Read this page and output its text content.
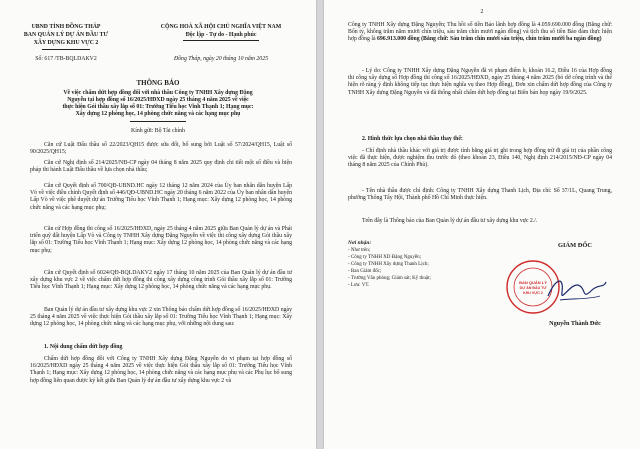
UBND TỈNH ĐỒNG THÁP
BAN QUẢN LÝ DỰ ÁN ĐẦU TƯ
XÂY DỰNG KHU VỰC 2
CỘNG HOÀ XÃ HỘI CHỦ NGHĨA VIỆT NAM
Độc lập - Tự do - Hạnh phúc
Số: 617 /TB-BQLDAKV2	Đồng Tháp, ngày 20 tháng 10 năm 2025
THÔNG BÁO
Về việc chấm dứt hợp đồng đối với nhà thầu Công ty TNHH Xây dựng Đặng
Nguyễn tại hợp đồng số 16/2025/HĐXD ngày 25 tháng 4 năm 2025 về việc
thực hiện Gói thầu xây lắp số 01: Trường Tiểu học Vĩnh Thạnh 1; Hạng mục:
Xây dựng 12 phòng học, 14 phòng chức năng và các hạng mục phụ
Kính gửi: Bộ Tài chính
Căn cứ Luật Đấu thầu số 22/2023/QH15 được sửa đổi, bổ sung bởi Luật số 57/2024/QH15, Luật số 90/2025/QH15;
Căn cứ Nghị định số 214/2025/NĐ-CP ngày 04 tháng 8 năm 2025 quy định chi tiết một số điều và biện pháp thi hành Luật Đấu thầu về lựa chọn nhà thầu;
Căn cứ Quyết định số 700/QĐ-UBND.HC ngày 12 tháng 12 năm 2024 của Ủy ban nhân dân huyện Lấp Vò về việc điều chỉnh Quyết định số 446/QĐ-UBND.HC ngày 20 tháng 6 năm 2022 của Ủy ban nhân dân huyện Lấp Vò về việc phê duyệt dự án Trường Tiểu học Vĩnh Thạnh 1; Hạng mục: Xây dựng 12 phòng học, 14 phòng chức năng và các hạng mục phụ;
Căn cứ Hợp đồng thi công số 16/2025/HĐXD, ngày 25 tháng 4 năm 2025 giữa Ban Quản lý dự án và Phát triển quỹ đất huyện Lấp Vò và Công ty TNHH Xây dựng Đặng Nguyễn về việc thi công xây dựng Gói thầu xây lắp số 01: Trường Tiểu học Vĩnh Thạnh 1; Hạng mục: Xây dựng 12 phòng học, 14 phòng chức năng và các hạng mục phụ;
Căn cứ Quyết định số 6024/QĐ-BQLDAKV2 ngày 17 tháng 10 năm 2025 của Ban Quản lý dự án đầu tư xây dựng khu vực 2 về việc chấm dứt hợp đồng thi công xây dựng công trình Gói thầu xây lắp số 01: Trường Tiểu học Vĩnh Thạnh 1; Hạng mục: Xây dựng 12 phòng học, 14 phòng chức năng và các hạng mục phụ.
Ban Quản lý dự án đầu tư xây dựng khu vực 2 xin Thông báo chấm dứt hợp đồng số 16/2025/HĐXD ngày 25 tháng 4 năm 2025 về việc thực hiện Gói thầu xây lắp số 01: Trường Tiểu học Vĩnh Thạnh 1; Hạng mục: Xây dựng 12 phòng học, 14 phòng chức năng và các hạng mục phụ, với những nội dung sau:
1. Nội dung chấm dứt hợp đồng
Chấm dứt hợp đồng đối với Công ty TNHH Xây dựng Đặng Nguyễn do vi phạm tại hợp đồng số 16/2025/HĐXD ngày 25 tháng 4 năm 2025 về việc thực hiện Gói thầu xây lắp số 01: Trường Tiểu học Vĩnh Thạnh 1; Hạng mục: Xây dựng 12 phòng học, 14 phòng chức năng và các hạng mục phụ và các Phụ lục bổ sung hợp đồng liên quan được ký kết giữa Ban Quản lý dự án đầu tư xây dựng khu vực 2 và
2
Công ty TNHH Xây dựng Đặng Nguyễn; Thu hồi số tiền Bảo lãnh hợp đồng là 4.059.690.000 đồng (Bằng chữ: Bốn tỷ, không trăm năm mươi chín triệu, sáu trăm chín mươi ngàn đồng) và tịch thu số tiền Bảo đảm thực hiện hợp đồng là 696.913.000 đồng (Bằng chữ: Sáu trăm chín mươi sáu triệu, chín trăm mười ba ngàn đồng)
- Lý do: Công ty TNHH Xây dựng Đặng Nguyễn đã vi phạm điểm b, khoản 16.2, Điều 16 của Hợp đồng thi công xây dựng số Hợp đồng thi công số 16/2025/HĐXD, ngày 25 tháng 4 năm 2025 (bỏ dở công trình và thể hiện rõ ràng ý định không tiếp tục thực hiện nghĩa vụ theo Hợp đồng), Đơn xin chấm dứt hợp đồng của Công ty TNHH Xây dựng Đặng Nguyễn và đã thống nhất chấm dứt hợp đồng tại Biên bản họp ngày 19/9/2025.
2. Hình thức lựa chọn nhà thầu thay thế:
- Chỉ định nhà thầu khác với giá trị được tính bằng giá trị ghi trong hợp đồng trừ đi giá trị của phần công việc đã thực hiện, được nghiệm thu trước đó (theo khoản 23, Điều 140, Nghị định 214/2015/NĐ-CP ngày 04 tháng 8 năm 2025 của Chính Phủ).
- Tên nhà thầu được chỉ định: Công ty TNHH Xây dựng Thanh Lịch, Địa chỉ: Số 37/1L, Quang Trung, phường Thông Tây Hội, Thành phố Hồ Chí Minh thực hiện.
Trên đây là Thông báo của Ban Quản lý dự án đầu tư xây dựng khu vực 2./.
Nơi nhận:
- Như trên;
- Công ty TNHH XD Đặng Nguyễn;
- Công ty TNHH Xây dựng Thanh Lịch;
- Ban Giám đốc;
- Trường Văn phòng; Giám sát; Kỹ thuật;
- Lưu: VT.
GIÁM ĐỐC
BAN QUẢN LÝ
DỰ ÁN ĐẦU TƯ
KHU VỰC 2
Nguyễn Thành Đức
